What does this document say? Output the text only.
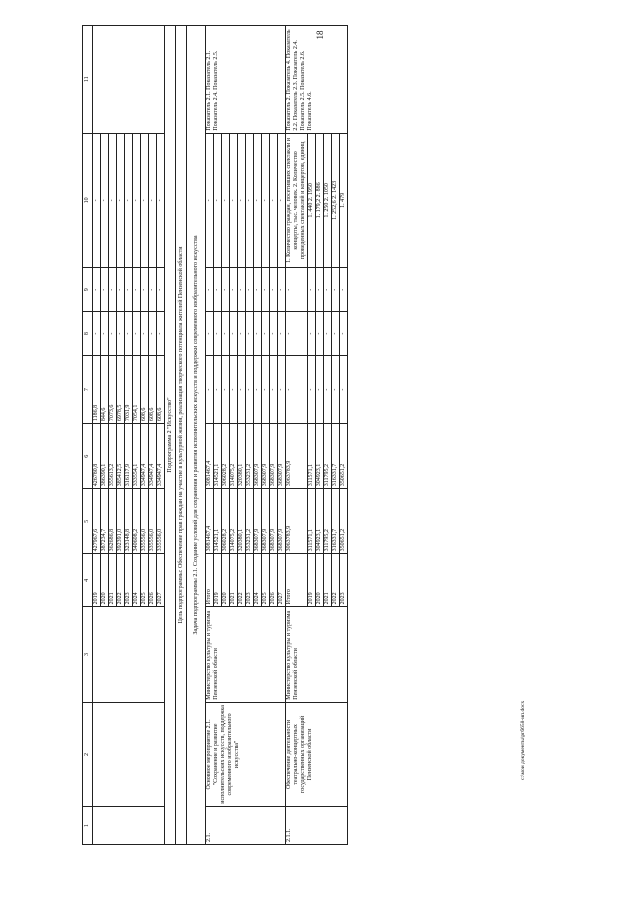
18
1	2	3	4	5	6	7	8	9	10	11
			2019	427967,6	426780,8	1186,8	-	-	-	
			2020	387234,7	386390,1	844,6	-	-	-	
			2021	362686,8	355613,2	7073,6	-	-	-	
			2022	392391,0	385412,5	6978,5	-	-	-	
			2023	323148,8	316117,9	7031,9	-	-	-	
			2024	340608,2	333554,1	7054,1	-	-	-	
			2025	335556,0	334947,4	608,6	-	-	-	
			2026	335556,0	334947,4	608,6	-	-	-	
			2027	335556,0	334947,4	608,6	-	-	-	
Подпрограмма 2 "Искусство"										
Цель подпрограммы: Обеспечение прав граждан на участие в культурной жизни, реализация творческого потенциала жителей Пензенской области										
Задача подпрограммы 2.1. Создание условий для сохранения и развития исполнительских искусств и поддержки современного изобразительного искусства										
2.1.	Основное мероприятие 2.1. "Сохранение и развитие исполнительских искусств, поддержка современного изобразительного искусства"	Министерство культуры и туризма Пензенской области	Итого	3081467,4	3081467,4	-	-	-	-	Показатель 2.1. Показатель 2.1. Показатель 2.4. Показатель 2.5.
			2019	314521,1	314521,1	-	-	-	-	
			2020	306028,2	306028,2	-	-	-	-	
			2021	314075,2	314075,2	-	-	-	-	
			2022	320380,1	320380,1	-	-	-	-	
			2023	353231,2	353231,2	-	-	-	-	
			2024	368307,9	368307,9	-	-	-	-	
			2025	368307,9	368307,9	-	-	-	-	
			2026	368307,9	368307,9	-	-	-	-	
			2027	368307,9	368307,9	-	-	-	-	
2.1.1.	Обеспечение деятельности театрально-концертных государственных организаций Пензенской области	Министерство культуры и туризма Пензенской области	Итого	3063783,9	3063783,9	-	-	-	1. Количество граждан, посетивших спектакли и концерты, тыс. человек. 2. Количество проведенных спектаклей и концертов, единиц	Показатель 2. Показатель 4. Показатель 2.2. Показатель 2.3. Показатель 2.4. Показатель 2.5. Показатель 2.6. Показатель 4.6.
			2019	311571,1	311571,1	-	-	-	1. 440 2. 1950	
			2020	304923,1	304923,1	-	-	-	1. 179,2 2. 886	
			2021	311795,2	311795,2	-	-	-	1. 250 2. 1050	
			2022	316331,7	316331,7	-	-	-	1. 252,6 2. 1423	
			2023	350651,2	350651,2	-	-	-	1. 479	
c:\мои документы\ргб658-ип.docx
